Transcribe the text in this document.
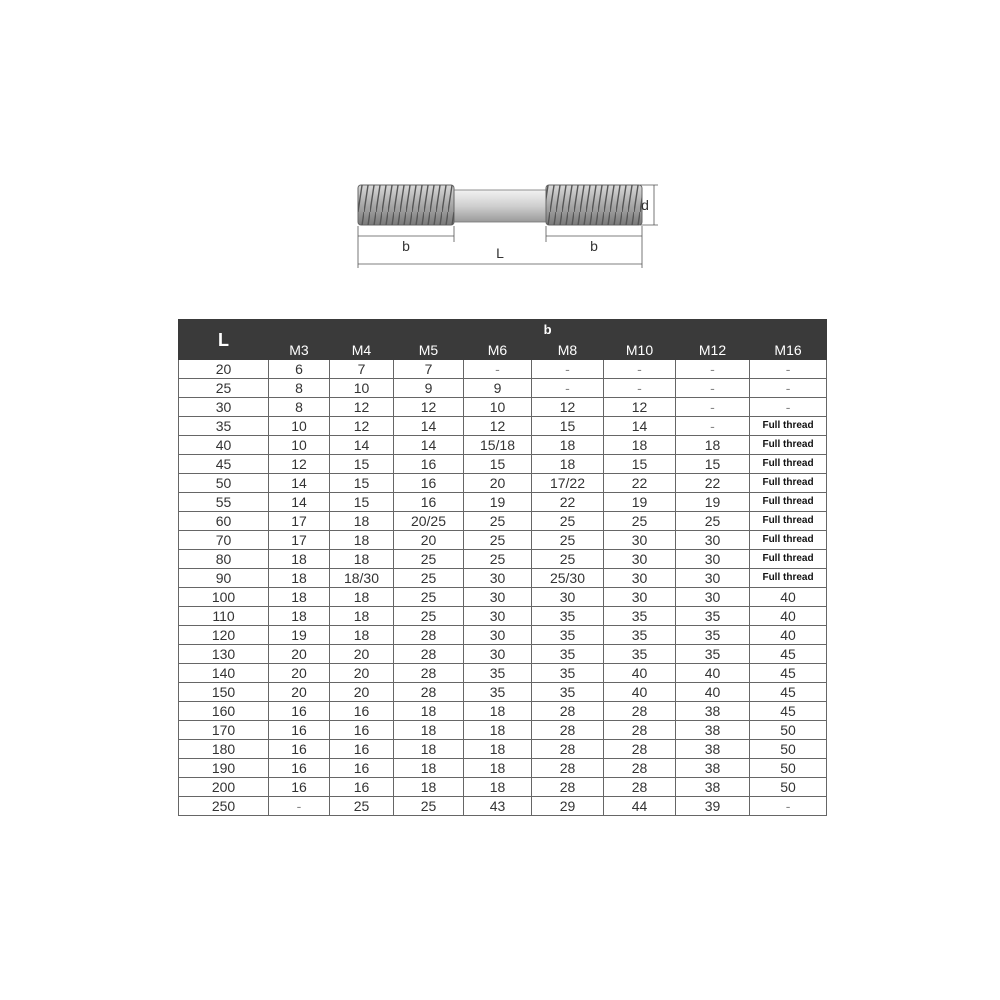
b	b
L
d
L	b							
	M3	M4	M5	M6	M8	M10	M12	M16
20	6	7	7	-	-	-	-	-
25	8	10	9	9	-	-	-	-
30	8	12	12	10	12	12	-	-
35	10	12	14	12	15	14	-	Full thread
40	10	14	14	15/18	18	18	18	Full thread
45	12	15	16	15	18	15	15	Full thread
50	14	15	16	20	17/22	22	22	Full thread
55	14	15	16	19	22	19	19	Full thread
60	17	18	20/25	25	25	25	25	Full thread
70	17	18	20	25	25	30	30	Full thread
80	18	18	25	25	25	30	30	Full thread
90	18	18/30	25	30	25/30	30	30	Full thread
100	18	18	25	30	30	30	30	40
110	18	18	25	30	35	35	35	40
120	19	18	28	30	35	35	35	40
130	20	20	28	30	35	35	35	45
140	20	20	28	35	35	40	40	45
150	20	20	28	35	35	40	40	45
160	16	16	18	18	28	28	38	45
170	16	16	18	18	28	28	38	50
180	16	16	18	18	28	28	38	50
190	16	16	18	18	28	28	38	50
200	16	16	18	18	28	28	38	50
250	-	25	25	43	29	44	39	-
